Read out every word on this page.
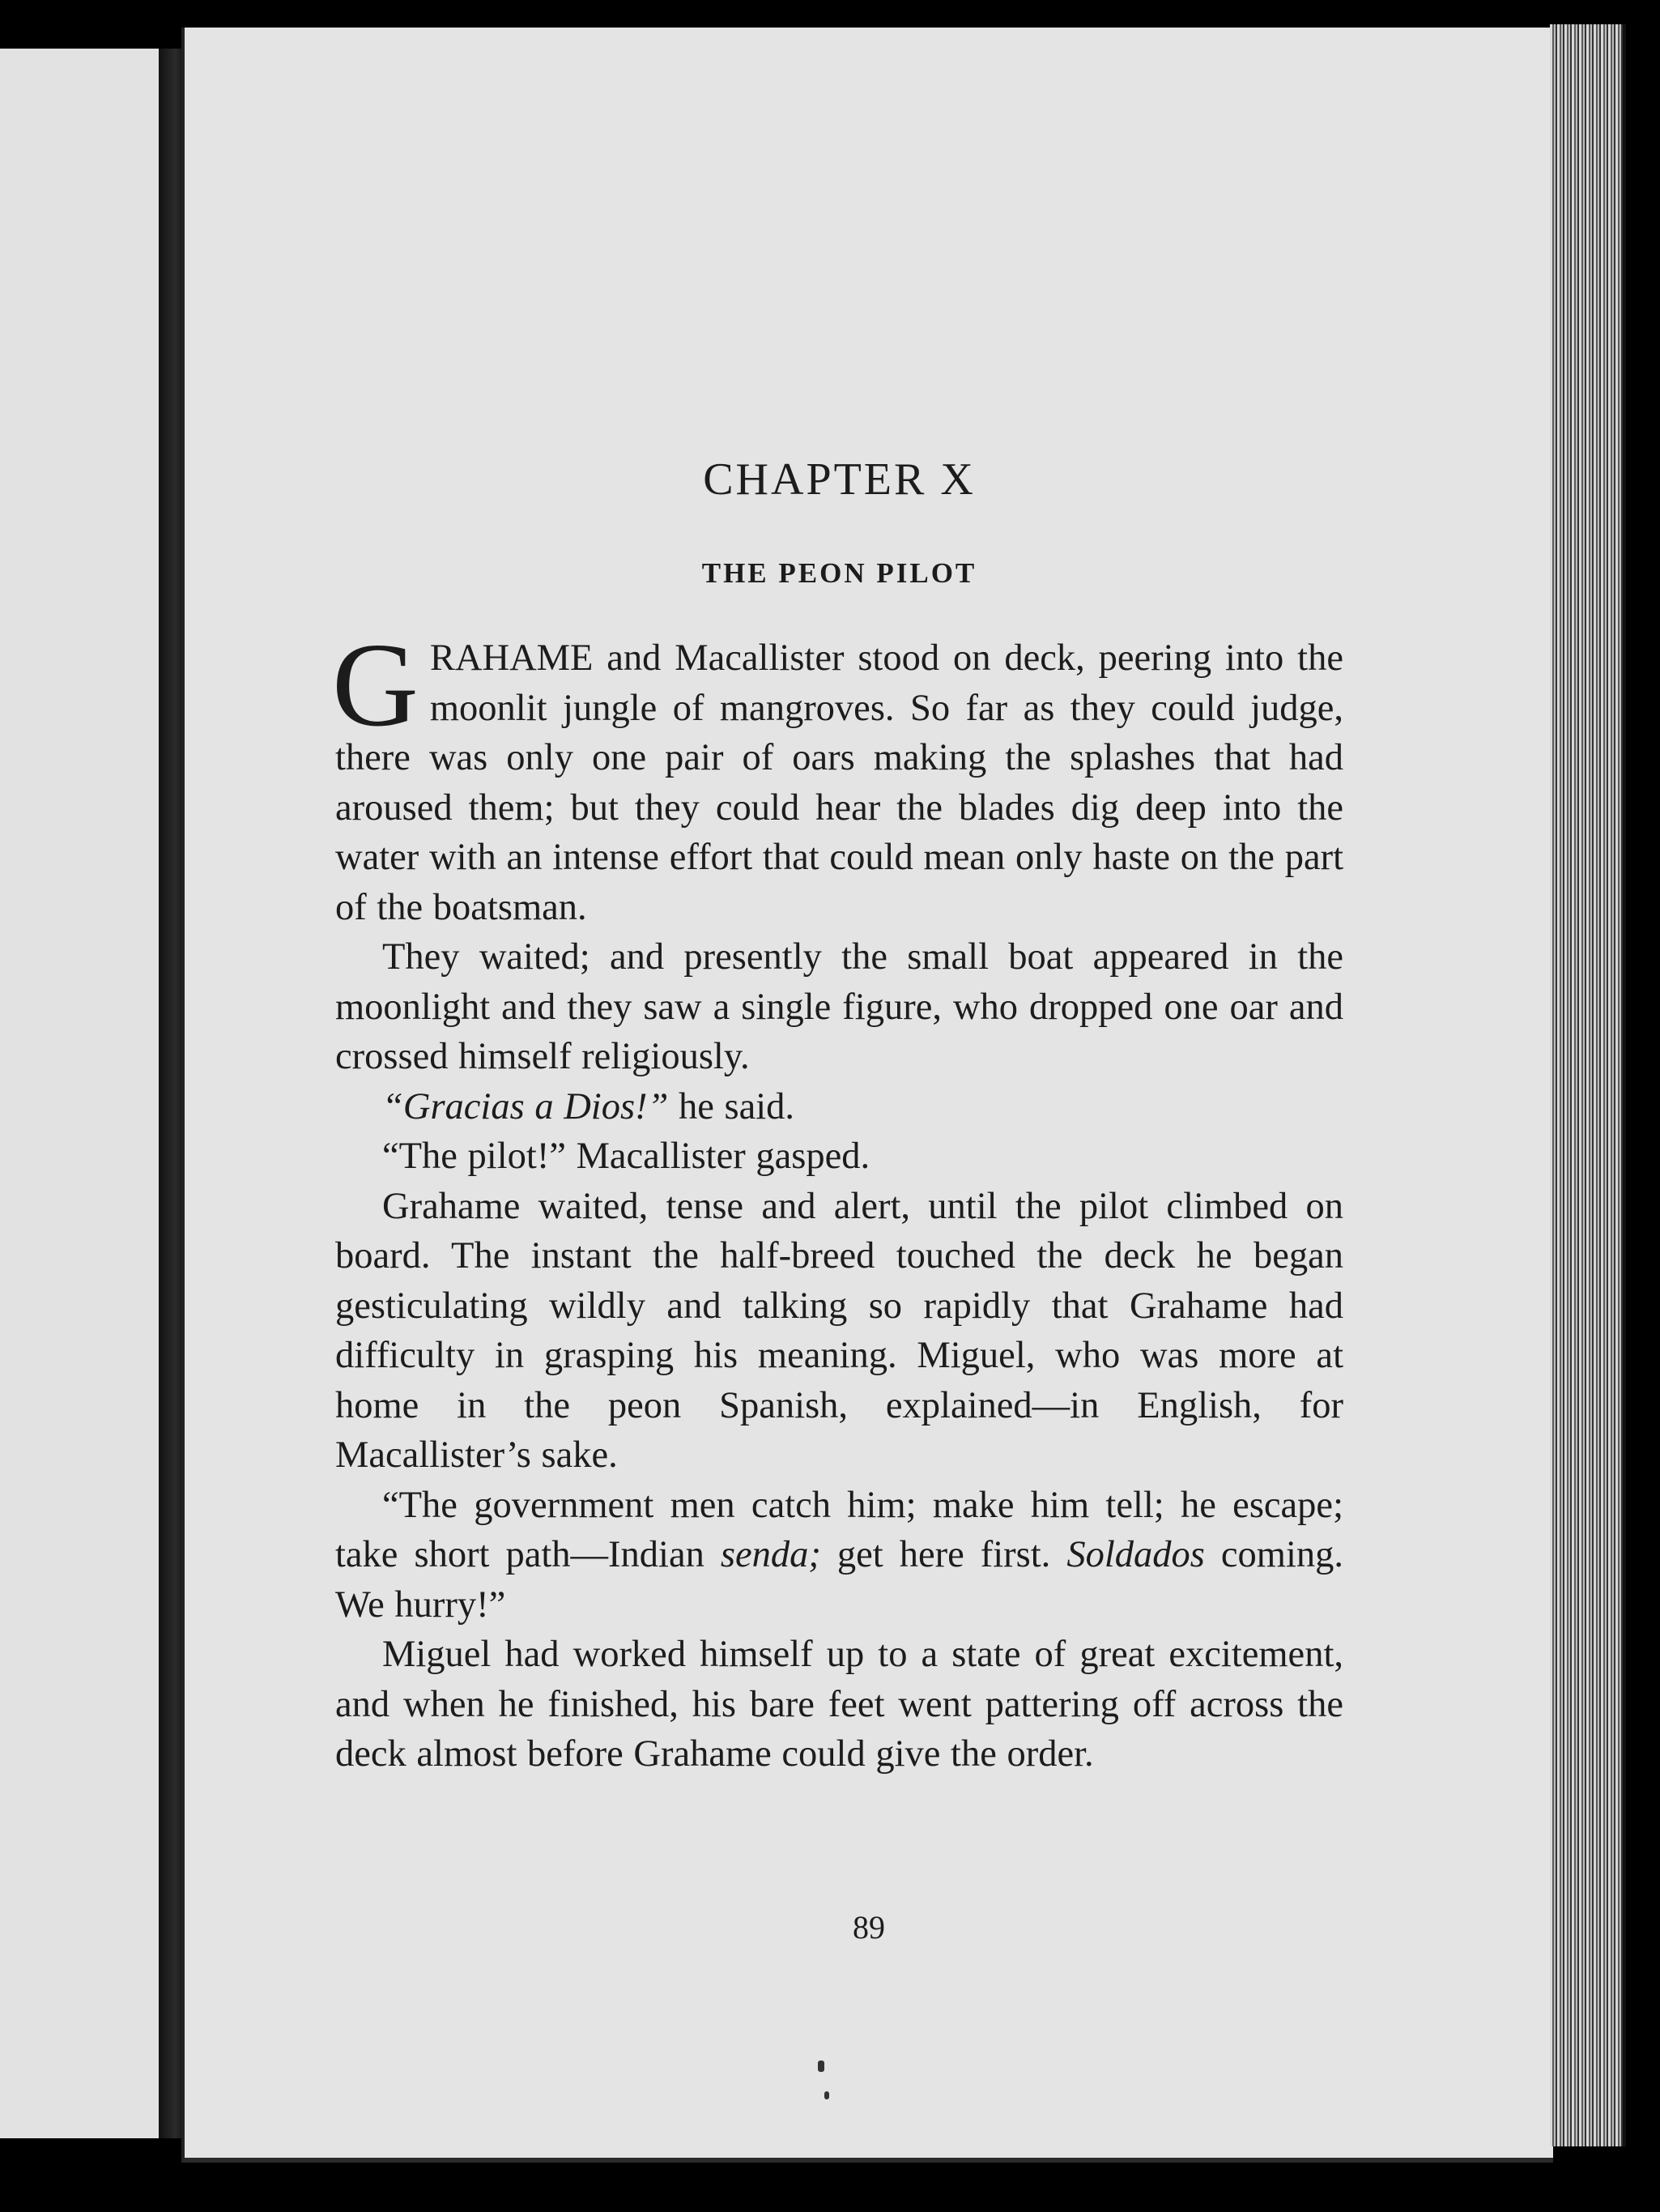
CHAPTER X
THE PEON PILOT

GRAHAME and Macallister stood on deck, peering into the moonlit jungle of mangroves. So far as they could judge, there was only one pair of oars making the splashes that had aroused them; but they could hear the blades dig deep into the water with an intense effort that could mean only haste on the part of the boatsman.

They waited; and presently the small boat appeared in the moonlight and they saw a single figure, who dropped one oar and crossed himself religiously.

“Gracias a Dios!” he said.

“The pilot!” Macallister gasped.

Grahame waited, tense and alert, until the pilot climbed on board. The instant the half-breed touched the deck he began gesticulating wildly and talking so rapidly that Grahame had difficulty in grasping his meaning. Miguel, who was more at home in the peon Spanish, explained—in English, for Macallister’s sake.

“The government men catch him; make him tell; he escape; take short path—Indian senda; get here first. Soldados coming. We hurry!”

Miguel had worked himself up to a state of great excitement, and when he finished, his bare feet went pattering off across the deck almost before Grahame could give the order.

89
